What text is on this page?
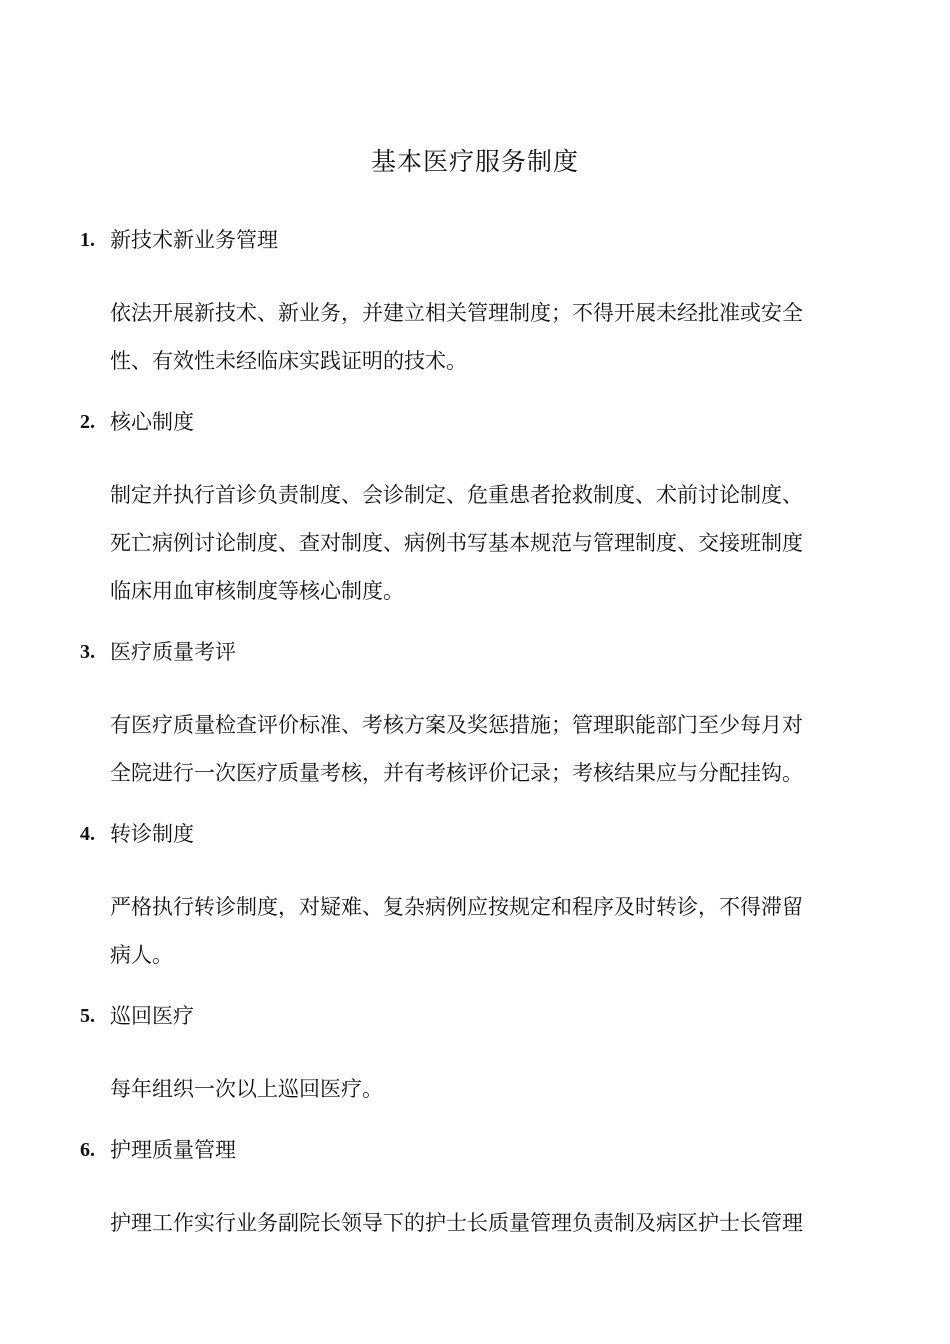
基本医疗服务制度
1. 新技术新业务管理

依法开展新技术、新业务，并建立相关管理制度；不得开展未经批准或安全
性、有效性未经临床实践证明的技术。

2. 核心制度

制定并执行首诊负责制度、会诊制定、危重患者抢救制度、术前讨论制度、
死亡病例讨论制度、查对制度、病例书写基本规范与管理制度、交接班制度
临床用血审核制度等核心制度。

3. 医疗质量考评

有医疗质量检查评价标准、考核方案及奖惩措施；管理职能部门至少每月对
全院进行一次医疗质量考核，并有考核评价记录；考核结果应与分配挂钩。

4. 转诊制度

严格执行转诊制度，对疑难、复杂病例应按规定和程序及时转诊，不得滞留
病人。

5. 巡回医疗

每年组织一次以上巡回医疗。

6. 护理质量管理

护理工作实行业务副院长领导下的护士长质量管理负责制及病区护士长管理
